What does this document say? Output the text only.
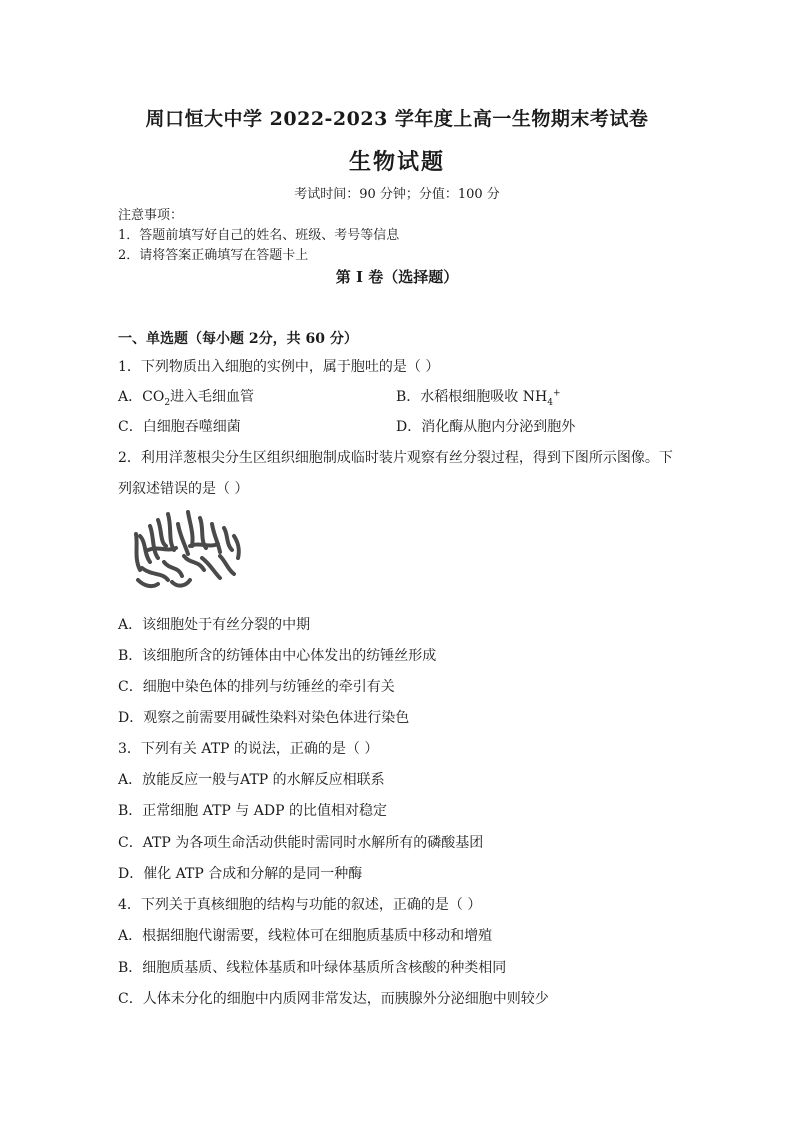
周口恒大中学 2022-2023 学年度上高一生物期末考试卷
生物试题
考试时间：90 分钟；分值：100 分
注意事项：
1．答题前填写好自己的姓名、班级、考号等信息
2．请将答案正确填写在答题卡上
第 I 卷（选择题）
一、单选题（每小题 2分，共 60 分）
1．下列物质出入细胞的实例中，属于胞吐的是（ ）
A．$CO_2$进入毛细血管	B．水稻根细胞吸收 $NH_4^+$
C．白细胞吞噬细菌	D．消化酶从胞内分泌到胞外
2．利用洋葱根尖分生区组织细胞制成临时装片观察有丝分裂过程，得到下图所示图像。下
列叙述错误的是（ ）
A．该细胞处于有丝分裂的中期
B．该细胞所含的纺锤体由中心体发出的纺锤丝形成
C．细胞中染色体的排列与纺锤丝的牵引有关
D．观察之前需要用碱性染料对染色体进行染色
3．下列有关 ATP 的说法，正确的是（ ）
A．放能反应一般与ATP 的水解反应相联系
B．正常细胞 ATP 与 ADP 的比值相对稳定
C．ATP 为各项生命活动供能时需同时水解所有的磷酸基团
D．催化 ATP 合成和分解的是同一种酶
4．下列关于真核细胞的结构与功能的叙述，正确的是（ ）
A．根据细胞代谢需要，线粒体可在细胞质基质中移动和增殖
B．细胞质基质、线粒体基质和叶绿体基质所含核酸的种类相同
C．人体未分化的细胞中内质网非常发达，而胰腺外分泌细胞中则较少
